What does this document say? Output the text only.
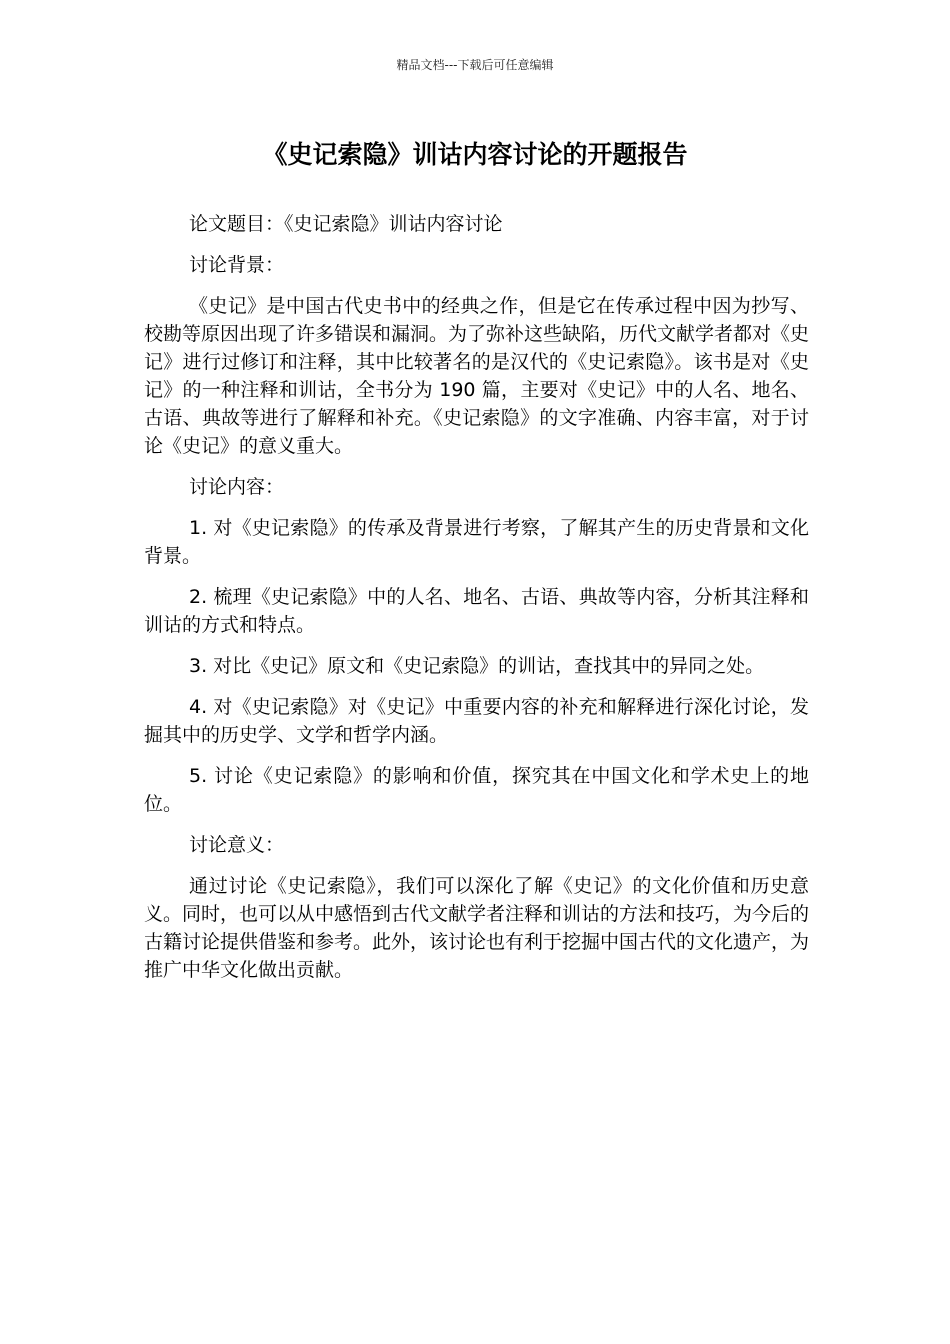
精品文档---下载后可任意编辑
《史记索隐》训诂内容讨论的开题报告

论文题目：《史记索隐》训诂内容讨论

讨论背景：

《史记》是中国古代史书中的经典之作，但是它在传承过程中因为抄写、校勘等原因出现了许多错误和漏洞。为了弥补这些缺陷，历代文献学者都对《史记》进行过修订和注释，其中比较著名的是汉代的《史记索隐》。该书是对《史记》的一种注释和训诂，全书分为 190 篇，主要对《史记》中的人名、地名、古语、典故等进行了解释和补充。《史记索隐》的文字准确、内容丰富，对于讨论《史记》的意义重大。

讨论内容：

1. 对《史记索隐》的传承及背景进行考察，了解其产生的历史背景和文化背景。

2. 梳理《史记索隐》中的人名、地名、古语、典故等内容，分析其注释和训诂的方式和特点。

3. 对比《史记》原文和《史记索隐》的训诂，查找其中的异同之处。

4. 对《史记索隐》对《史记》中重要内容的补充和解释进行深化讨论，发掘其中的历史学、文学和哲学内涵。

5. 讨论《史记索隐》的影响和价值，探究其在中国文化和学术史上的地位。

讨论意义：

通过讨论《史记索隐》，我们可以深化了解《史记》的文化价值和历史意义。同时，也可以从中感悟到古代文献学者注释和训诂的方法和技巧，为今后的古籍讨论提供借鉴和参考。此外，该讨论也有利于挖掘中国古代的文化遗产，为推广中华文化做出贡献。
